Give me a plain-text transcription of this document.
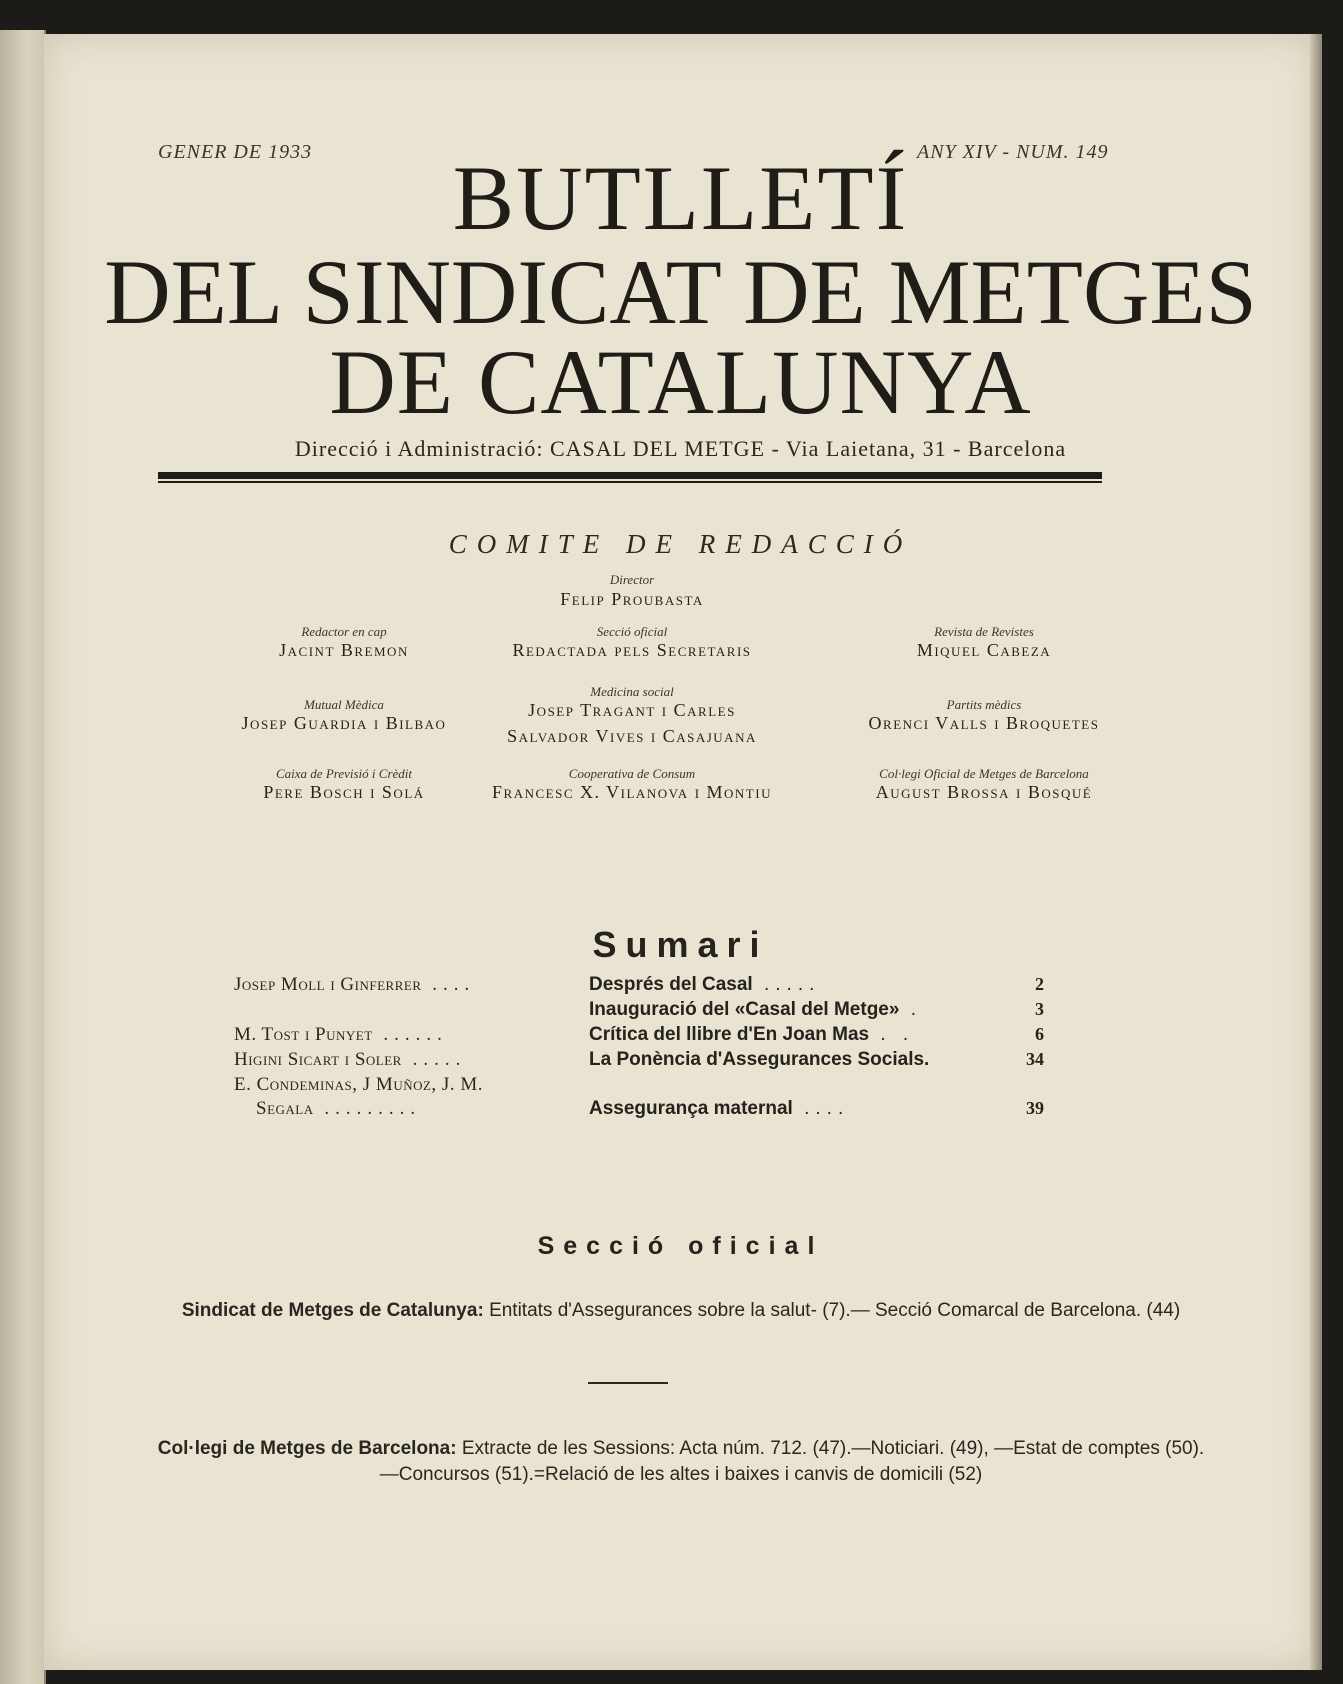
GENER DE 1933	ANY XIV - NUM. 149
BUTLLETÍ
DEL SINDICAT DE METGES
DE CATALUNYA
Direcció i Administració: CASAL DEL METGE - Via Laietana, 31 - Barcelona
COMITE DE REDACCIÓ
Director
Felip Proubasta
Redactor en cap
Jacint Bremon
Secció oficial
Redactada pels Secretaris
Revista de Revistes
Miquel Cabeza
Medicina social
Josep Tragant i Carles
Salvador Vives i Casajuana
Mutual Mèdica
Josep Guardia i Bilbao
Partits mèdics
Orenci Valls i Broquetes
Caixa de Previsió i Crèdit
Pere Bosch i Solá
Cooperativa de Consum
Francesc X. Vilanova i Montiu
Col·legi Oficial de Metges de Barcelona
August Brossa i Bosqué
Sumari
Josep Moll i Ginferrer ....	Després del Casal .....	2
Inauguració del «Casal del Metge» .	3
M. Tost i Punyet ......	Crítica del llibre d'En Joan Mas . .	6
Higini Sicart i Soler .....	La Ponència d'Assegurances Socials.	34
E. Condeminas, J Muñoz, J. M.
Segala .........	Assegurança maternal ....	39
Secció oficial
Sindicat de Metges de Catalunya: Entitats d'Assegurances sobre la salut- (7).— Secció Comarcal de Barcelona. (44)
Col·legi de Metges de Barcelona: Extracte de les Sessions: Acta núm. 712. (47).—Noticiari. (49), —Estat de comptes (50).—Concursos (51).=Relació de les altes i baixes i canvis de domicili (52)
